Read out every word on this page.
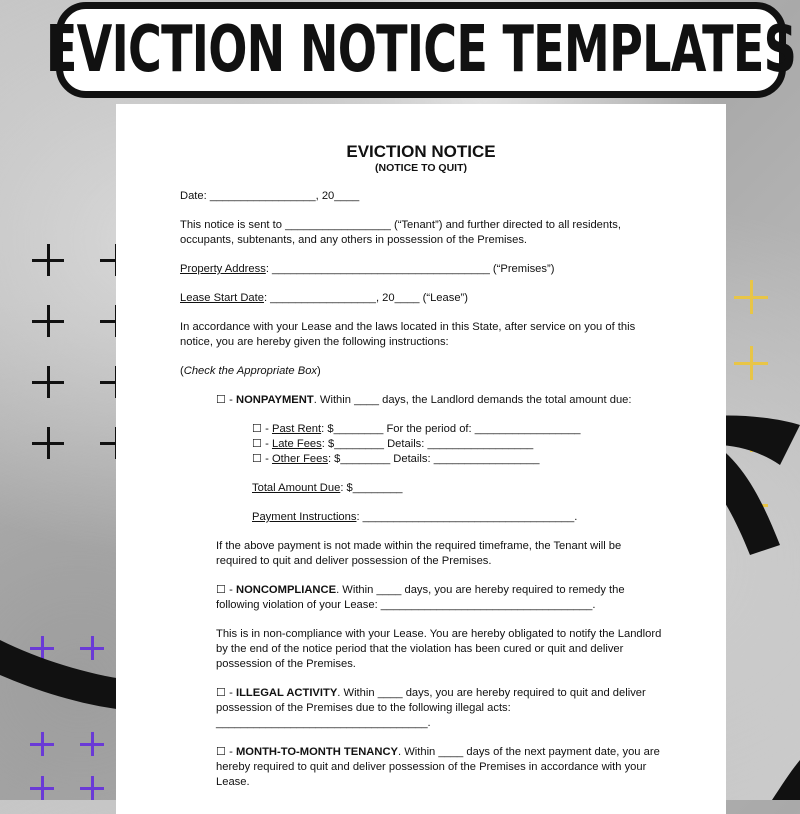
EVICTION NOTICE TEMPLATES

EVICTION NOTICE

(NOTICE TO QUIT)

Date: _________________, 20____

This notice is sent to _________________ (“Tenant”) and further directed to all residents, occupants, subtenants, and any others in possession of the Premises.

Property Address: ___________________________________ (“Premises”)

Lease Start Date: _________________, 20____ (“Lease”)

In accordance with your Lease and the laws located in this State, after service on you of this notice, you are hereby given the following instructions:

(Check the Appropriate Box)

☐ - NONPAYMENT. Within ____ days, the Landlord demands the total amount due:

☐ - Past Rent: $________ For the period of: _________________
☐ - Late Fees: $________ Details: _________________
☐ - Other Fees: $________ Details: _________________

Total Amount Due: $________

Payment Instructions: __________________________________.

If the above payment is not made within the required timeframe, the Tenant will be required to quit and deliver possession of the Premises.

☐ - NONCOMPLIANCE. Within ____ days, you are hereby required to remedy the following violation of your Lease: __________________________________.

This is in non-compliance with your Lease. You are hereby obligated to notify the Landlord by the end of the notice period that the violation has been cured or quit and deliver possession of the Premises.

☐ - ILLEGAL ACTIVITY. Within ____ days, you are hereby required to quit and deliver possession of the Premises due to the following illegal acts: __________________________________.

☐ - MONTH-TO-MONTH TENANCY. Within ____ days of the next payment date, you are hereby required to quit and deliver possession of the Premises in accordance with your Lease.
